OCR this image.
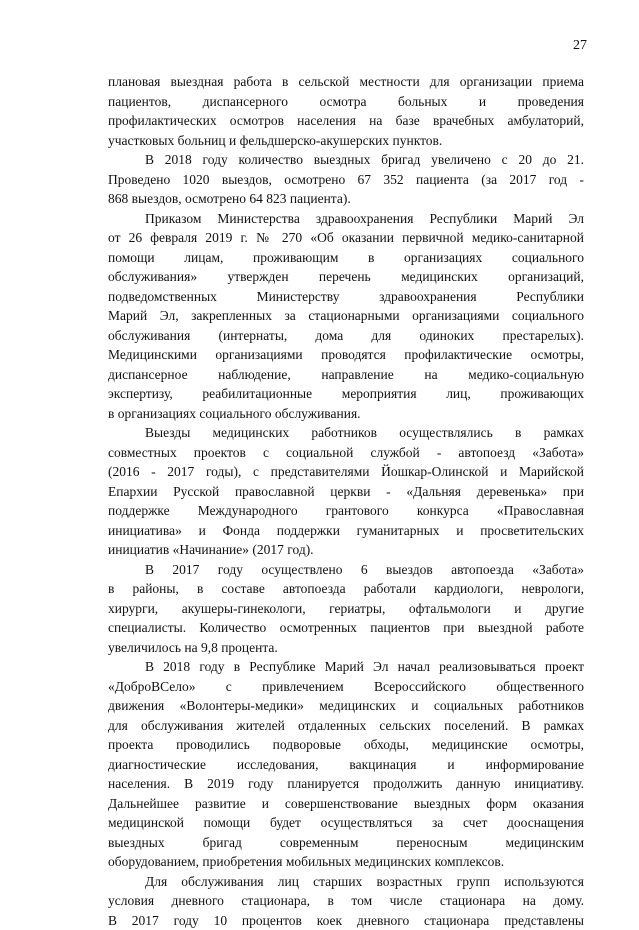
27
плановая выездная работа в сельской местности для организации приема
пациентов, диспансерного осмотра больных и проведения
профилактических осмотров населения на базе врачебных амбулаторий,
участковых больниц и фельдшерско-акушерских пунктов.
В 2018 году количество выездных бригад увеличено с 20 до 21.
Проведено 1020 выездов, осмотрено 67 352 пациента (за 2017 год -
868 выездов, осмотрено 64 823 пациента).
Приказом Министерства здравоохранения Республики Марий Эл
от 26 февраля 2019 г. № 270 «Об оказании первичной медико-санитарной
помощи лицам, проживающим в организациях социального
обслуживания» утвержден перечень медицинских организаций,
подведомственных Министерству здравоохранения Республики
Марий Эл, закрепленных за стационарными организациями социального
обслуживания (интернаты, дома для одиноких престарелых).
Медицинскими организациями проводятся профилактические осмотры,
диспансерное наблюдение, направление на медико-социальную
экспертизу, реабилитационные мероприятия лиц, проживающих
в организациях социального обслуживания.
Выезды медицинских работников осуществлялись в рамках
совместных проектов с социальной службой - автопоезд «Забота»
(2016 - 2017 годы), с представителями Йошкар-Олинской и Марийской
Епархии Русской православной церкви - «Дальняя деревенька» при
поддержке Международного грантового конкурса «Православная
инициатива» и Фонда поддержки гуманитарных и просветительских
инициатив «Начинание» (2017 год).
В 2017 году осуществлено 6 выездов автопоезда «Забота»
в районы, в составе автопоезда работали кардиологи, неврологи,
хирурги, акушеры-гинекологи, гериатры, офтальмологи и другие
специалисты. Количество осмотренных пациентов при выездной работе
увеличилось на 9,8 процента.
В 2018 году в Республике Марий Эл начал реализовываться проект
«ДоброВСело» с привлечением Всероссийского общественного
движения «Волонтеры-медики» медицинских и социальных работников
для обслуживания жителей отдаленных сельских поселений. В рамках
проекта проводились подворовые обходы, медицинские осмотры,
диагностические исследования, вакцинация и информирование
населения. В 2019 году планируется продолжить данную инициативу.
Дальнейшее развитие и совершенствование выездных форм оказания
медицинской помощи будет осуществляться за счет дооснащения
выездных бригад современным переносным медицинским
оборудованием, приобретения мобильных медицинских комплексов.
Для обслуживания лиц старших возрастных групп используются
условия дневного стационара, в том числе стационара на дому.
В 2017 году 10 процентов коек дневного стационара представлены
